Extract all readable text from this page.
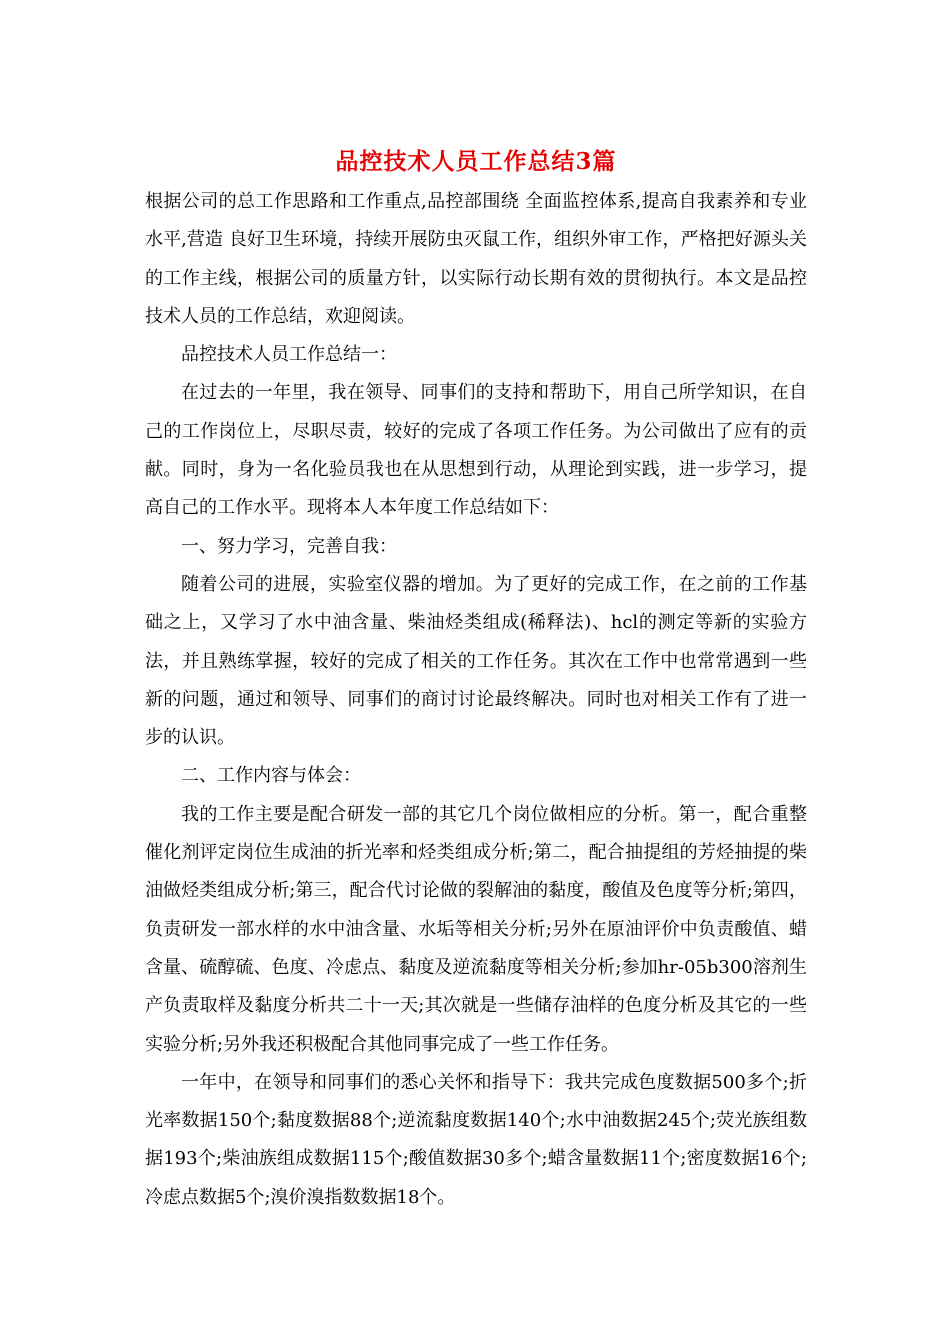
品控技术人员工作总结3篇

根据公司的总工作思路和工作重点,品控部围绕 全面监控体系,提高自我素养和专业水平,营造 良好卫生环境，持续开展防虫灭鼠工作，组织外审工作，严格把好源头关的工作主线，根据公司的质量方针，以实际行动长期有效的贯彻执行。本文是品控技术人员的工作总结，欢迎阅读。

品控技术人员工作总结一：

在过去的一年里，我在领导、同事们的支持和帮助下，用自己所学知识，在自己的工作岗位上，尽职尽责，较好的完成了各项工作任务。为公司做出了应有的贡献。同时，身为一名化验员我也在从思想到行动，从理论到实践，进一步学习，提高自己的工作水平。现将本人本年度工作总结如下：

一、努力学习，完善自我：

随着公司的进展，实验室仪器的增加。为了更好的完成工作，在之前的工作基础之上，又学习了水中油含量、柴油烃类组成(稀释法)、hcl的测定等新的实验方法，并且熟练掌握，较好的完成了相关的工作任务。其次在工作中也常常遇到一些新的问题，通过和领导、同事们的商讨讨论最终解决。同时也对相关工作有了进一步的认识。

二、工作内容与体会：

我的工作主要是配合研发一部的其它几个岗位做相应的分析。第一，配合重整催化剂评定岗位生成油的折光率和烃类组成分析;第二，配合抽提组的芳烃抽提的柴油做烃类组成分析;第三，配合代讨论做的裂解油的黏度，酸值及色度等分析;第四，负责研发一部水样的水中油含量、水垢等相关分析;另外在原油评价中负责酸值、蜡含量、硫醇硫、色度、冷虑点、黏度及逆流黏度等相关分析;参加hr-05b300溶剂生产负责取样及黏度分析共二十一天;其次就是一些储存油样的色度分析及其它的一些实验分析;另外我还积极配合其他同事完成了一些工作任务。

一年中，在领导和同事们的悉心关怀和指导下：我共完成色度数据500多个;折光率数据150个;黏度数据88个;逆流黏度数据140个;水中油数据245个;荧光族组数据193个;柴油族组成数据115个;酸值数据30多个;蜡含量数据11个;密度数据16个;冷虑点数据5个;溴价溴指数数据18个。
